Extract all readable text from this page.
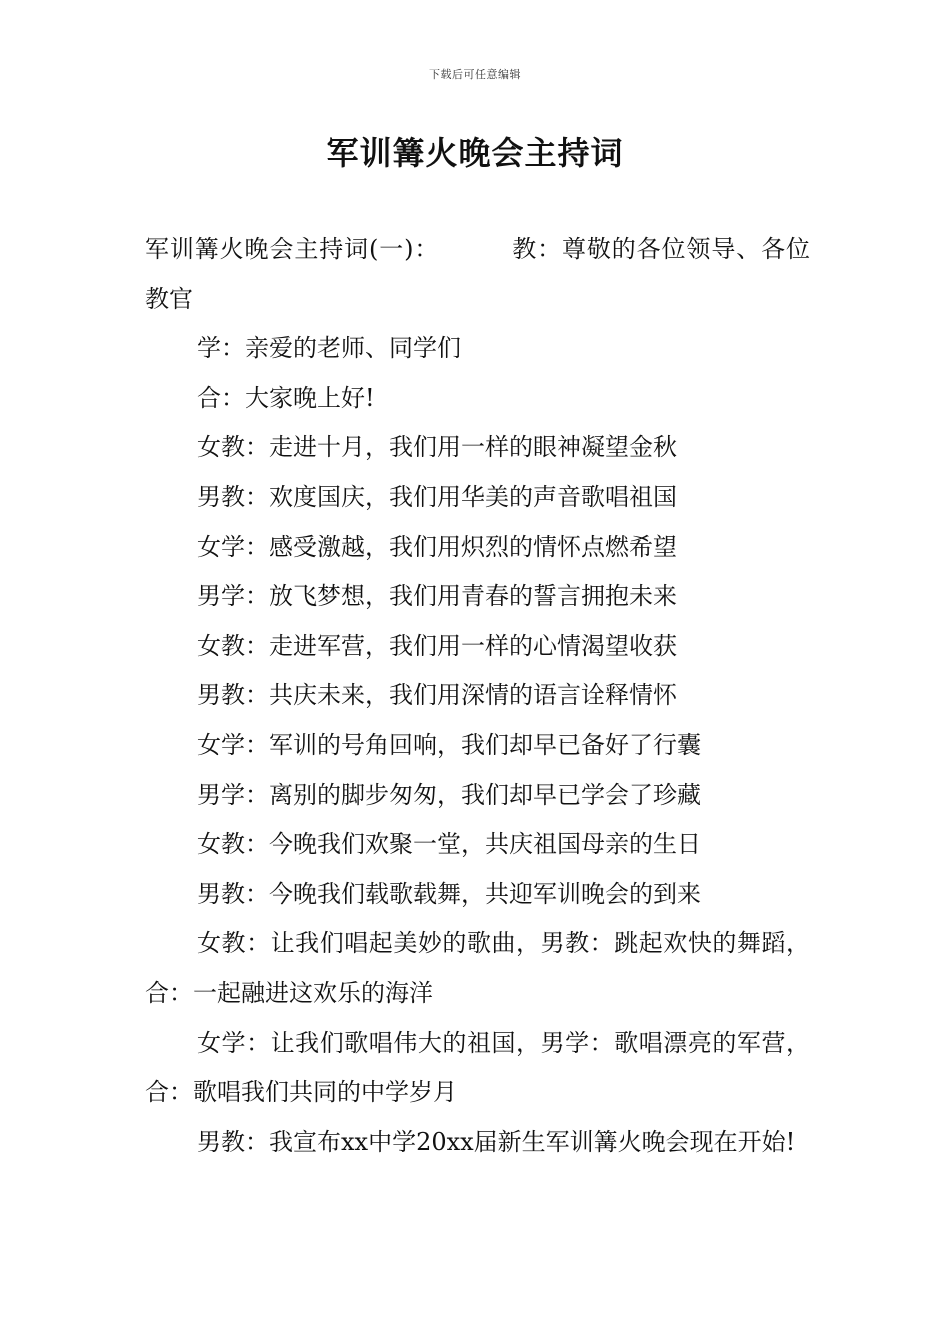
下载后可任意编辑
军训篝火晚会主持词

军训篝火晚会主持词(一)：	教：尊敬的各位领导、各位教官

学：亲爱的老师、同学们

合：大家晚上好!

女教：走进十月，我们用一样的眼神凝望金秋

男教：欢度国庆，我们用华美的声音歌唱祖国

女学：感受激越，我们用炽烈的情怀点燃希望

男学：放飞梦想，我们用青春的誓言拥抱未来

女教：走进军营，我们用一样的心情渴望收获

男教：共庆未来，我们用深情的语言诠释情怀

女学：军训的号角回响，我们却早已备好了行囊

男学：离别的脚步匆匆，我们却早已学会了珍藏

女教：今晚我们欢聚一堂，共庆祖国母亲的生日

男教：今晚我们载歌载舞，共迎军训晚会的到来

女教：让我们唱起美妙的歌曲，男教：跳起欢快的舞蹈，合：一起融进这欢乐的海洋

女学：让我们歌唱伟大的祖国，男学：歌唱漂亮的军营，合：歌唱我们共同的中学岁月

男教：我宣布xx中学20xx届新生军训篝火晚会现在开始!
